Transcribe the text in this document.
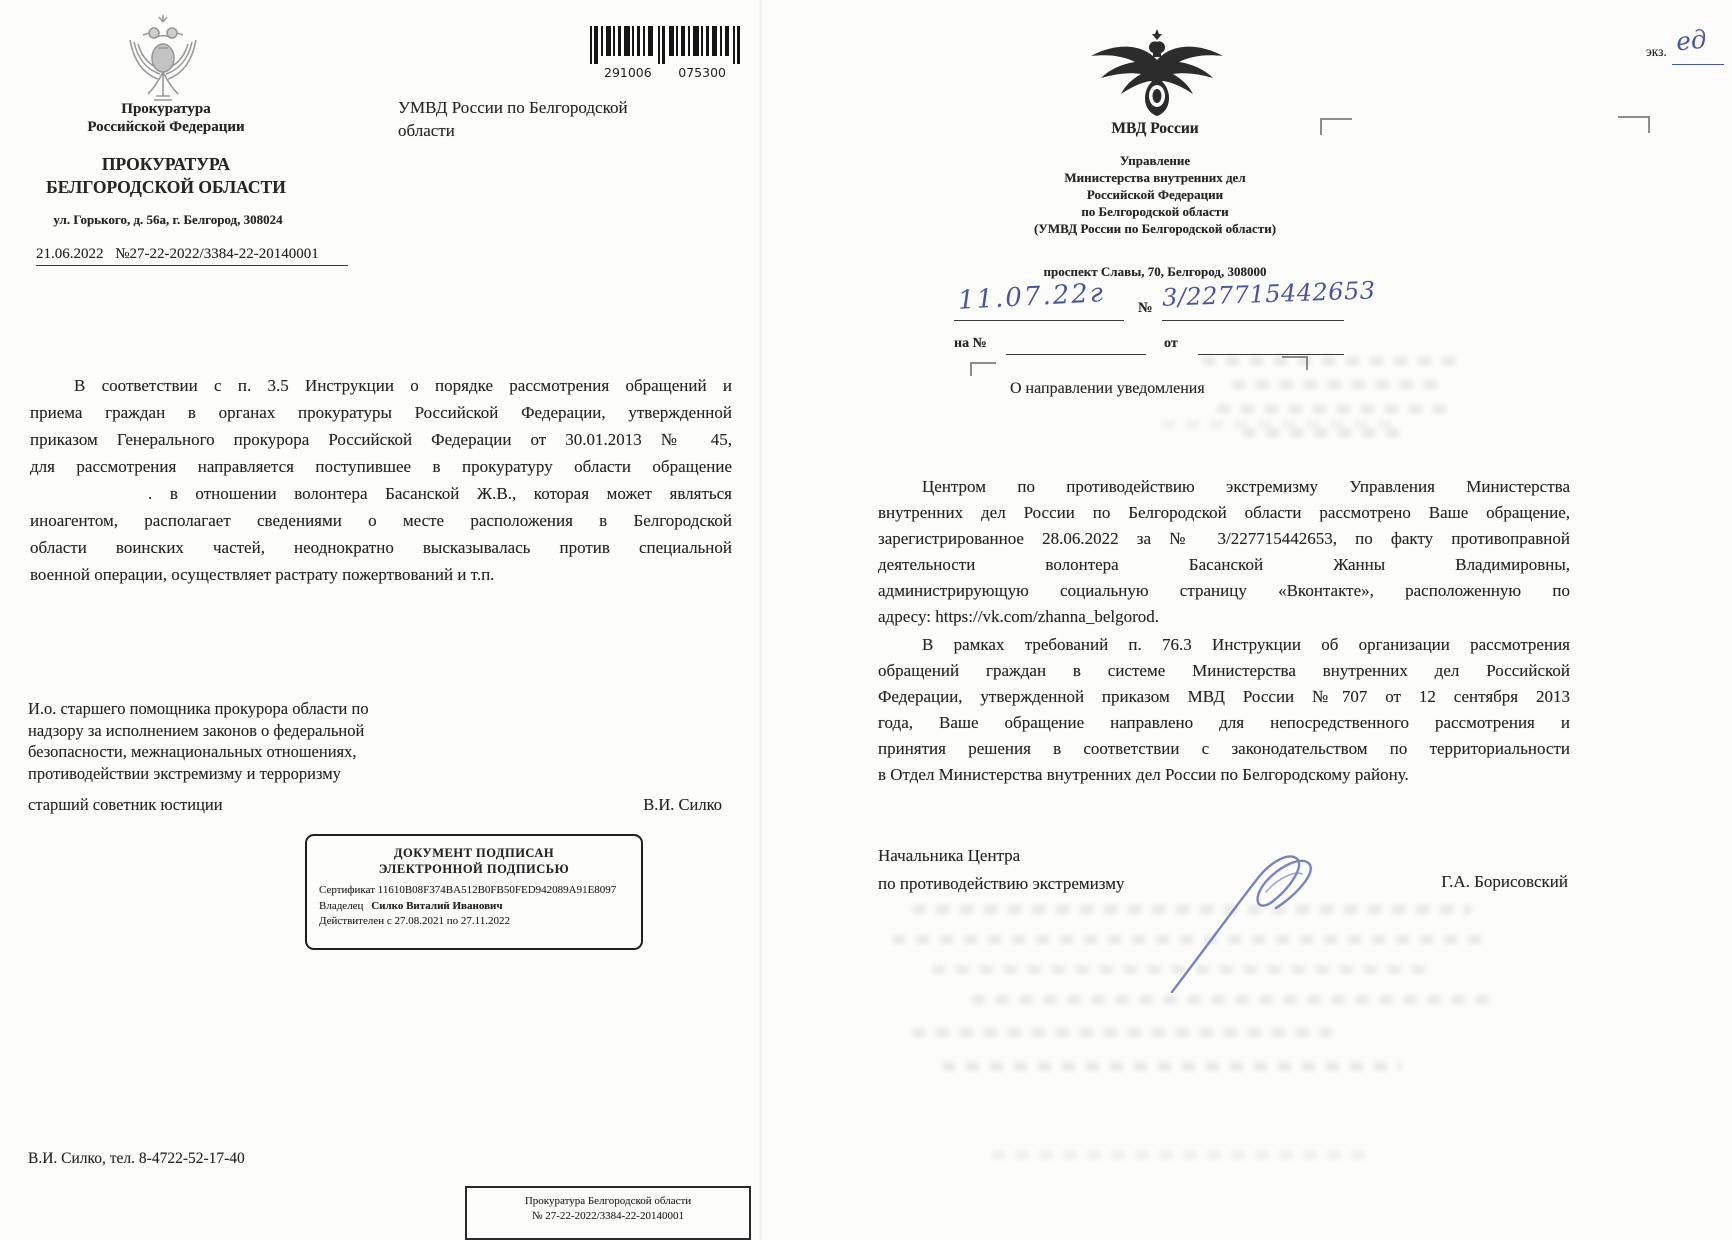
Прокуратура
Российской Федерации
ПРОКУРАТУРА
БЕЛГОРОДСКОЙ ОБЛАСТИ
ул. Горького, д. 56а, г. Белгород, 308024
21.06.2022 №27-22-2022/3384-22-20140001
291006 075300
УМВД России по Белгородской области
В соответствии с п. 3.5 Инструкции о порядке рассмотрения обращений и
приема граждан в органах прокуратуры Российской Федерации, утвержденной
приказом Генерального прокурора Российской Федерации от 30.01.2013 № 45,
для рассмотрения направляется поступившее в прокуратуру области обращение
. в отношении волонтера Басанской Ж.В., которая может являться
иноагентом, располагает сведениями о месте расположения в Белгородской
области воинских частей, неоднократно высказывалась против специальной
военной операции, осуществляет растрату пожертвований и т.п.
И.о. старшего помощника прокурора области по
надзору за исполнением законов о федеральной
безопасности, межнациональных отношениях,
противодействии экстремизму и терроризму
старший советник юстиции	В.И. Силко
ДОКУМЕНТ ПОДПИСАН
ЭЛЕКТРОННОЙ ПОДПИСЬЮ
Сертификат 11610B08F374BA512B0FB50FED942089A91E8097
Владелец Силко Виталий Иванович
Действителен с 27.08.2021 по 27.11.2022
В.И. Силко, тел. 8-4722-52-17-40
Прокуратура Белгородской области
№ 27-22-2022/3384-22-20140001
экз. ед
МВД России
Управление
Министерства внутренних дел
Российской Федерации
по Белгородской области
(УМВД России по Белгородской области)
проспект Славы, 70, Белгород, 308000
11.07.22г № 3/227715442653
на №	от
О направлении уведомления
Центром по противодействию экстремизму Управления Министерства
внутренних дел России по Белгородской области рассмотрено Ваше обращение,
зарегистрированное 28.06.2022 за № 3/227715442653, по факту противоправной
деятельности волонтера Басанской Жанны Владимировны,
администрирующую социальную страницу «Вконтакте», расположенную по
адресу: https://vk.com/zhanna_belgorod.
В рамках требований п. 76.3 Инструкции об организации рассмотрения
обращений граждан в системе Министерства внутренних дел Российской
Федерации, утвержденной приказом МВД России №707 от 12 сентября 2013
года, Ваше обращение направлено для непосредственного рассмотрения и
принятия решения в соответствии с законодательством по территориальности
в Отдел Министерства внутренних дел России по Белгородскому району.
Начальника Центра
по противодействию экстремизму	Г.А. Борисовский
